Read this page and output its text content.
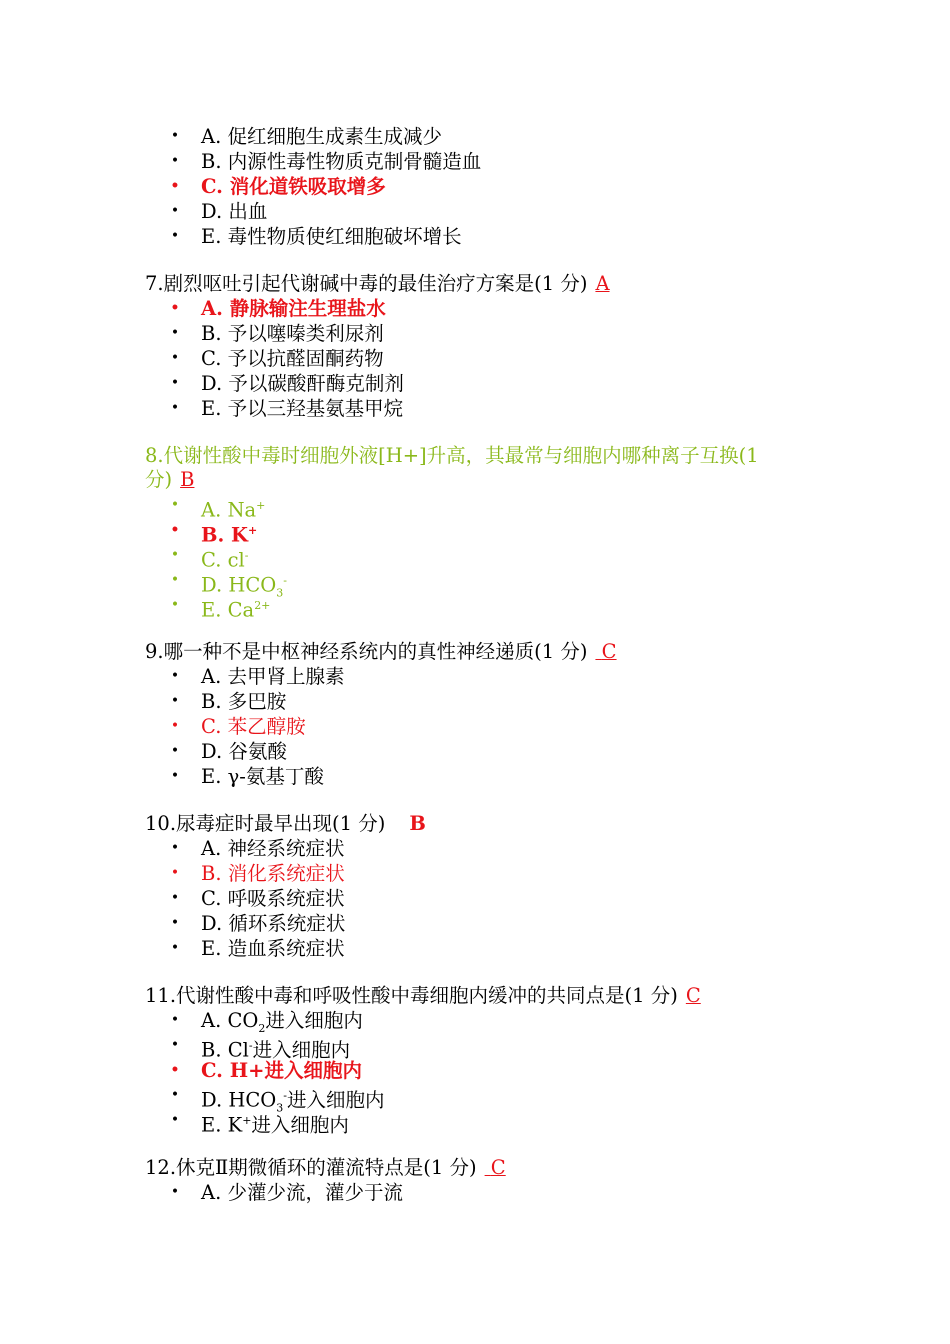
• A. 促红细胞生成素生成减少
• B. 内源性毒性物质克制骨髓造血
• C. 消化道铁吸取增多
• D. 出血
• E. 毒性物质使红细胞破坏增长
7.剧烈呕吐引起代谢碱中毒的最佳治疗方案是(1 分) A
• A. 静脉输注生理盐水
• B. 予以噻嗪类利尿剂
• C. 予以抗醛固酮药物
• D. 予以碳酸酐酶克制剂
• E. 予以三羟基氨基甲烷
8.代谢性酸中毒时细胞外液[H+]升高，其最常与细胞内哪种离子互换(1 分) B
• A. Na+
• B. K+
• C. cl-
• D. $HCO_3^-$
• E. $Ca^{2+}$
9.哪一种不是中枢神经系统内的真性神经递质(1 分) C
• A. 去甲肾上腺素
• B. 多巴胺
• C. 苯乙醇胺
• D. 谷氨酸
• E. γ-氨基丁酸
10.尿毒症时最早出现(1 分) B
• A. 神经系统症状
• B. 消化系统症状
• C. 呼吸系统症状
• D. 循环系统症状
• E. 造血系统症状
11.代谢性酸中毒和呼吸性酸中毒细胞内缓冲的共同点是(1 分) C
• A. $CO_2$进入细胞内
• B. Cl-进入细胞内
• C. H+进入细胞内
• D. $HCO_3^-$进入细胞内
• E. K+进入细胞内
12.休克Ⅱ期微循环的灌流特点是(1 分) C
• A. 少灌少流，灌少于流
